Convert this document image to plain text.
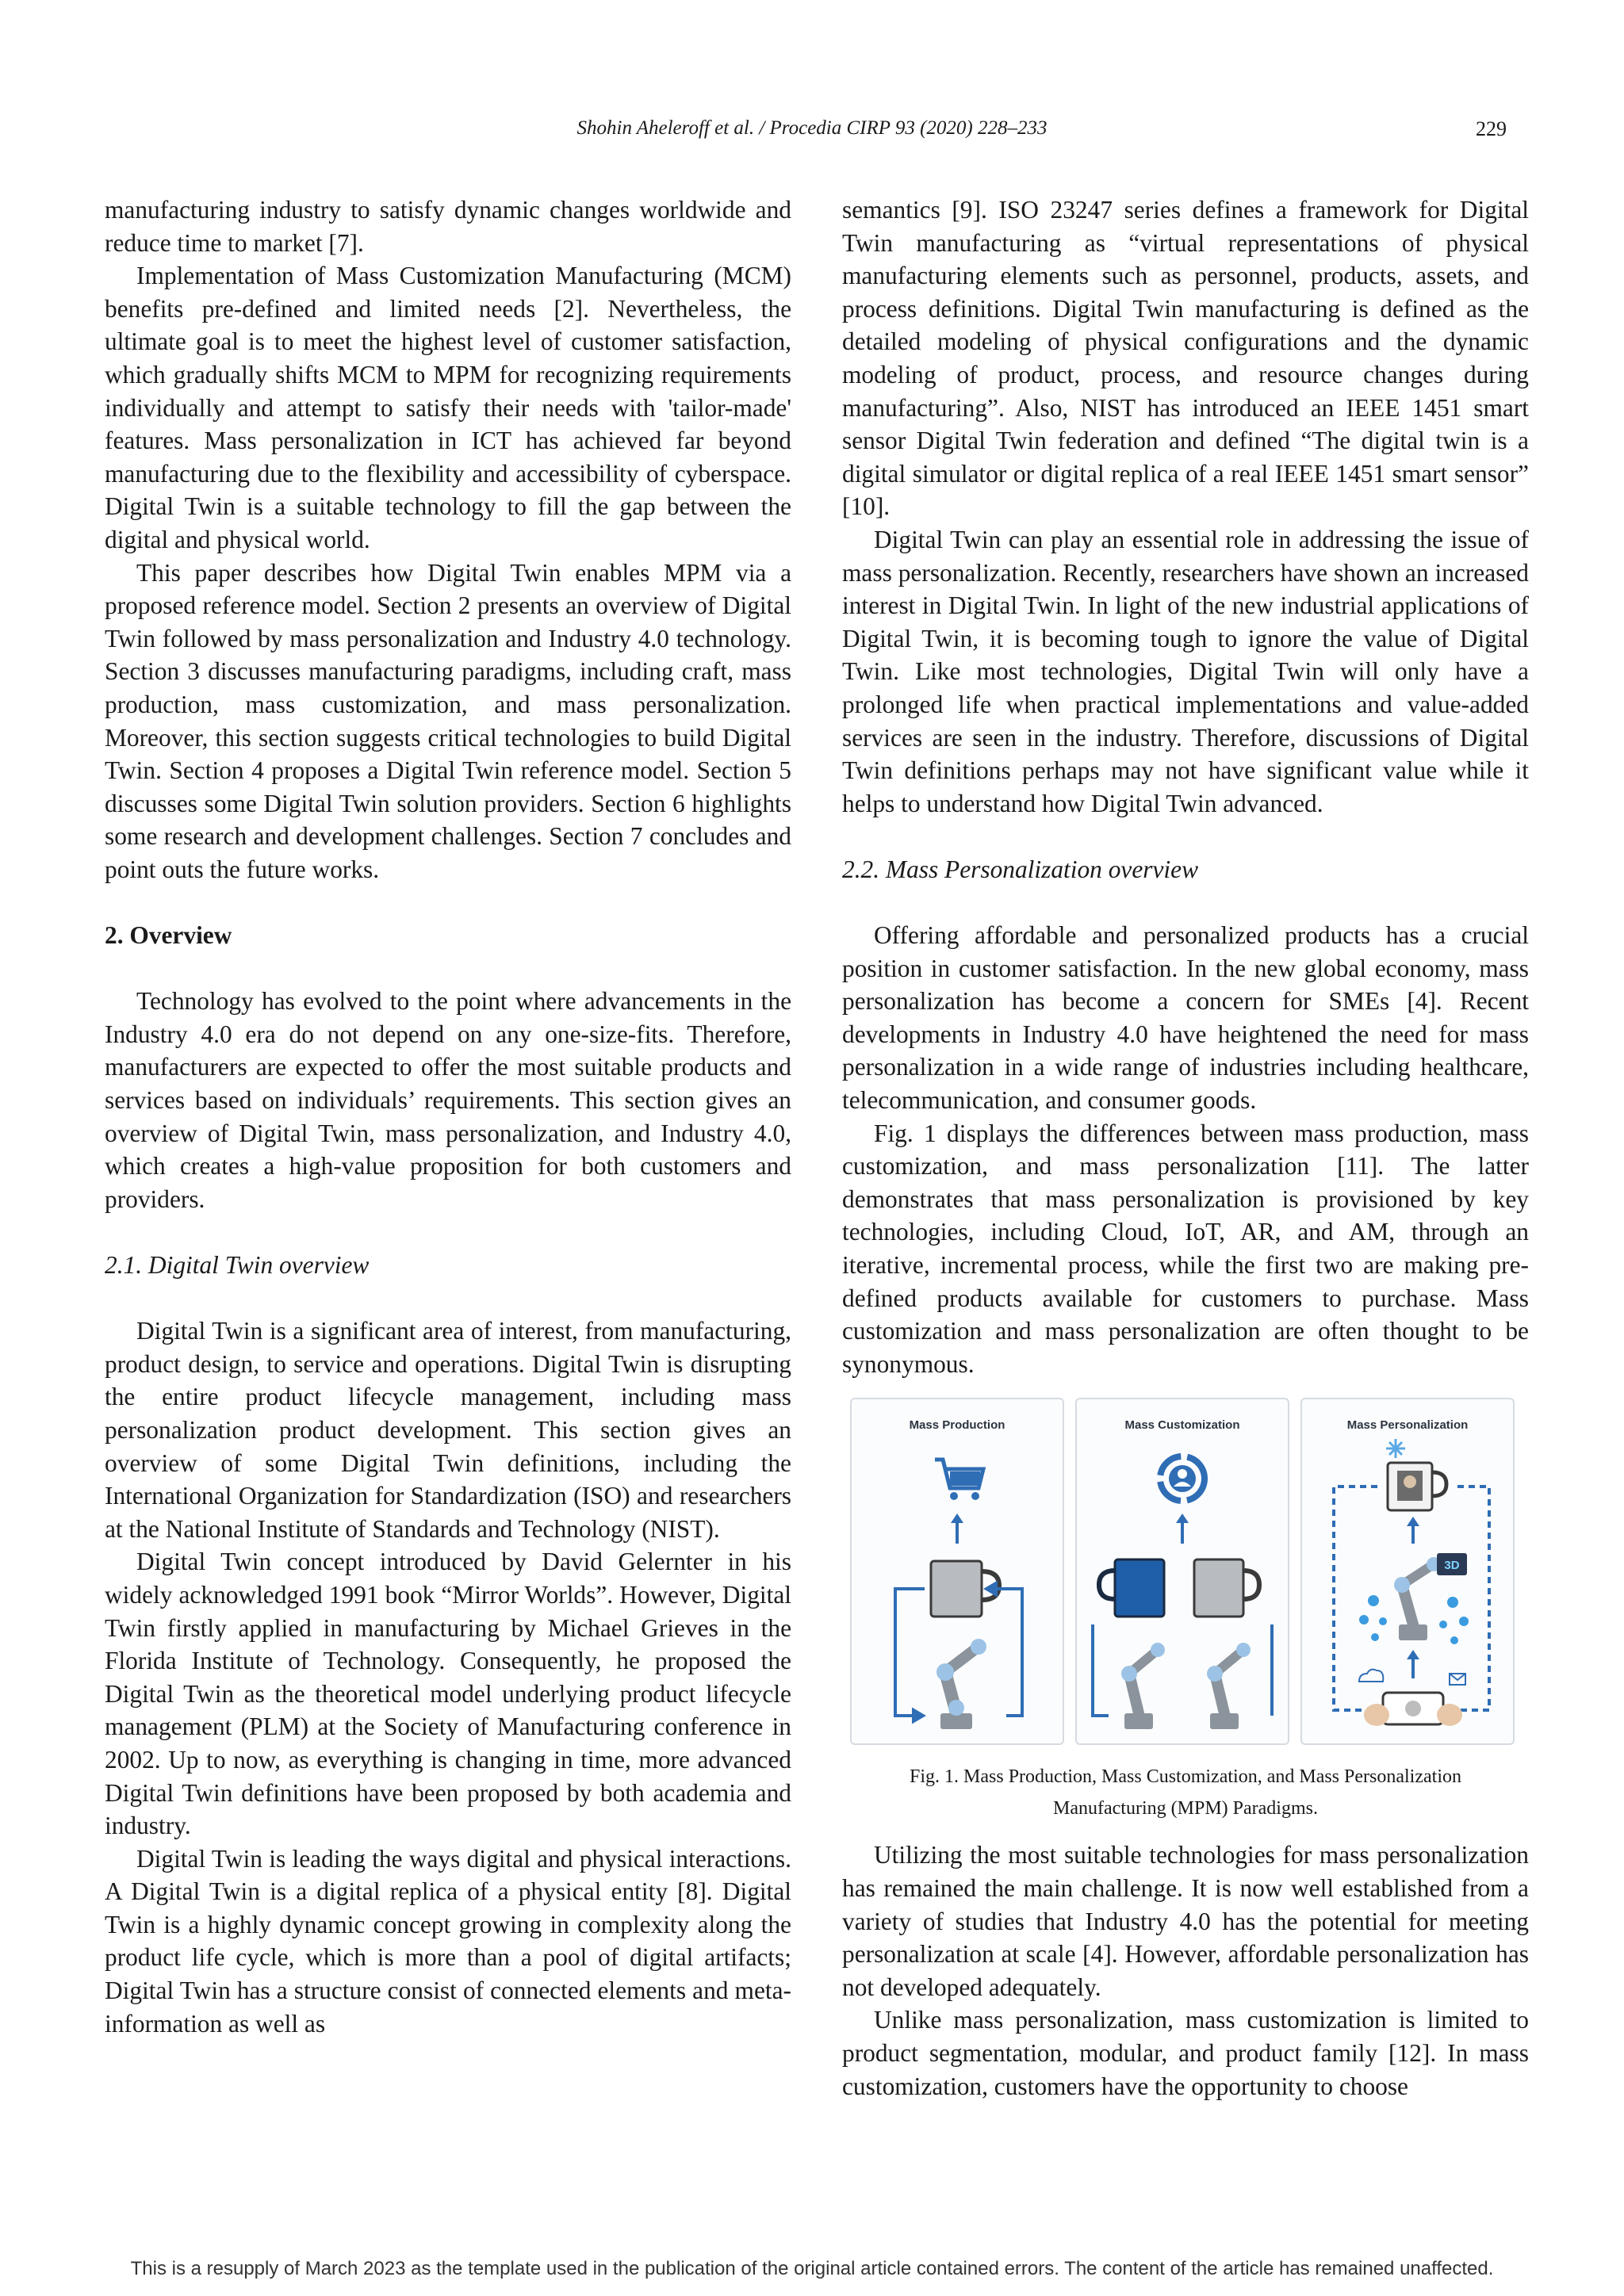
Shohin Aheleroff et al. / Procedia CIRP 93 (2020) 228–233	229

manufacturing industry to satisfy dynamic changes worldwide and reduce time to market [7].

Implementation of Mass Customization Manufacturing (MCM) benefits pre-defined and limited needs [2]. Nevertheless, the ultimate goal is to meet the highest level of customer satisfaction, which gradually shifts MCM to MPM for recognizing requirements individually and attempt to satisfy their needs with 'tailor-made' features. Mass personalization in ICT has achieved far beyond manufacturing due to the flexibility and accessibility of cyberspace. Digital Twin is a suitable technology to fill the gap between the digital and physical world.

This paper describes how Digital Twin enables MPM via a proposed reference model. Section 2 presents an overview of Digital Twin followed by mass personalization and Industry 4.0 technology. Section 3 discusses manufacturing paradigms, including craft, mass production, mass customization, and mass personalization. Moreover, this section suggests critical technologies to build Digital Twin. Section 4 proposes a Digital Twin reference model. Section 5 discusses some Digital Twin solution providers. Section 6 highlights some research and development challenges. Section 7 concludes and point outs the future works.

2. Overview

Technology has evolved to the point where advancements in the Industry 4.0 era do not depend on any one-size-fits. Therefore, manufacturers are expected to offer the most suitable products and services based on individuals’ requirements. This section gives an overview of Digital Twin, mass personalization, and Industry 4.0, which creates a high-value proposition for both customers and providers.

2.1. Digital Twin overview

Digital Twin is a significant area of interest, from manufacturing, product design, to service and operations. Digital Twin is disrupting the entire product lifecycle management, including mass personalization product development. This section gives an overview of some Digital Twin definitions, including the International Organization for Standardization (ISO) and researchers at the National Institute of Standards and Technology (NIST).

Digital Twin concept introduced by David Gelernter in his widely acknowledged 1991 book “Mirror Worlds”. However, Digital Twin firstly applied in manufacturing by Michael Grieves in the Florida Institute of Technology. Consequently, he proposed the Digital Twin as the theoretical model underlying product lifecycle management (PLM) at the Society of Manufacturing conference in 2002. Up to now, as everything is changing in time, more advanced Digital Twin definitions have been proposed by both academia and industry.

Digital Twin is leading the ways digital and physical interactions. A Digital Twin is a digital replica of a physical entity [8]. Digital Twin is a highly dynamic concept growing in complexity along the product life cycle, which is more than a pool of digital artifacts; Digital Twin has a structure consist of connected elements and meta-information as well as

semantics [9]. ISO 23247 series defines a framework for Digital Twin manufacturing as “virtual representations of physical manufacturing elements such as personnel, products, assets, and process definitions. Digital Twin manufacturing is defined as the detailed modeling of physical configurations and the dynamic modeling of product, process, and resource changes during manufacturing”. Also, NIST has introduced an IEEE 1451 smart sensor Digital Twin federation and defined “The digital twin is a digital simulator or digital replica of a real IEEE 1451 smart sensor” [10].

Digital Twin can play an essential role in addressing the issue of mass personalization. Recently, researchers have shown an increased interest in Digital Twin. In light of the new industrial applications of Digital Twin, it is becoming tough to ignore the value of Digital Twin. Like most technologies, Digital Twin will only have a prolonged life when practical implementations and value-added services are seen in the industry. Therefore, discussions of Digital Twin definitions perhaps may not have significant value while it helps to understand how Digital Twin advanced.

2.2. Mass Personalization overview

Offering affordable and personalized products has a crucial position in customer satisfaction. In the new global economy, mass personalization has become a concern for SMEs [4]. Recent developments in Industry 4.0 have heightened the need for mass personalization in a wide range of industries including healthcare, telecommunication, and consumer goods.

Fig. 1 displays the differences between mass production, mass customization, and mass personalization [11]. The latter demonstrates that mass personalization is provisioned by key technologies, including Cloud, IoT, AR, and AM, through an iterative, incremental process, while the first two are making pre-defined products available for customers to purchase. Mass customization and mass personalization are often thought to be synonymous.

Mass Production	Mass Customization	Mass Personalization
3D
Fig. 1. Mass Production, Mass Customization, and Mass Personalization
Manufacturing (MPM) Paradigms.

Utilizing the most suitable technologies for mass personalization has remained the main challenge. It is now well established from a variety of studies that Industry 4.0 has the potential for meeting personalization at scale [4]. However, affordable personalization has not developed adequately.

Unlike mass personalization, mass customization is limited to product segmentation, modular, and product family [12]. In mass customization, customers have the opportunity to choose

This is a resupply of March 2023 as the template used in the publication of the original article contained errors. The content of the article has remained unaffected.
